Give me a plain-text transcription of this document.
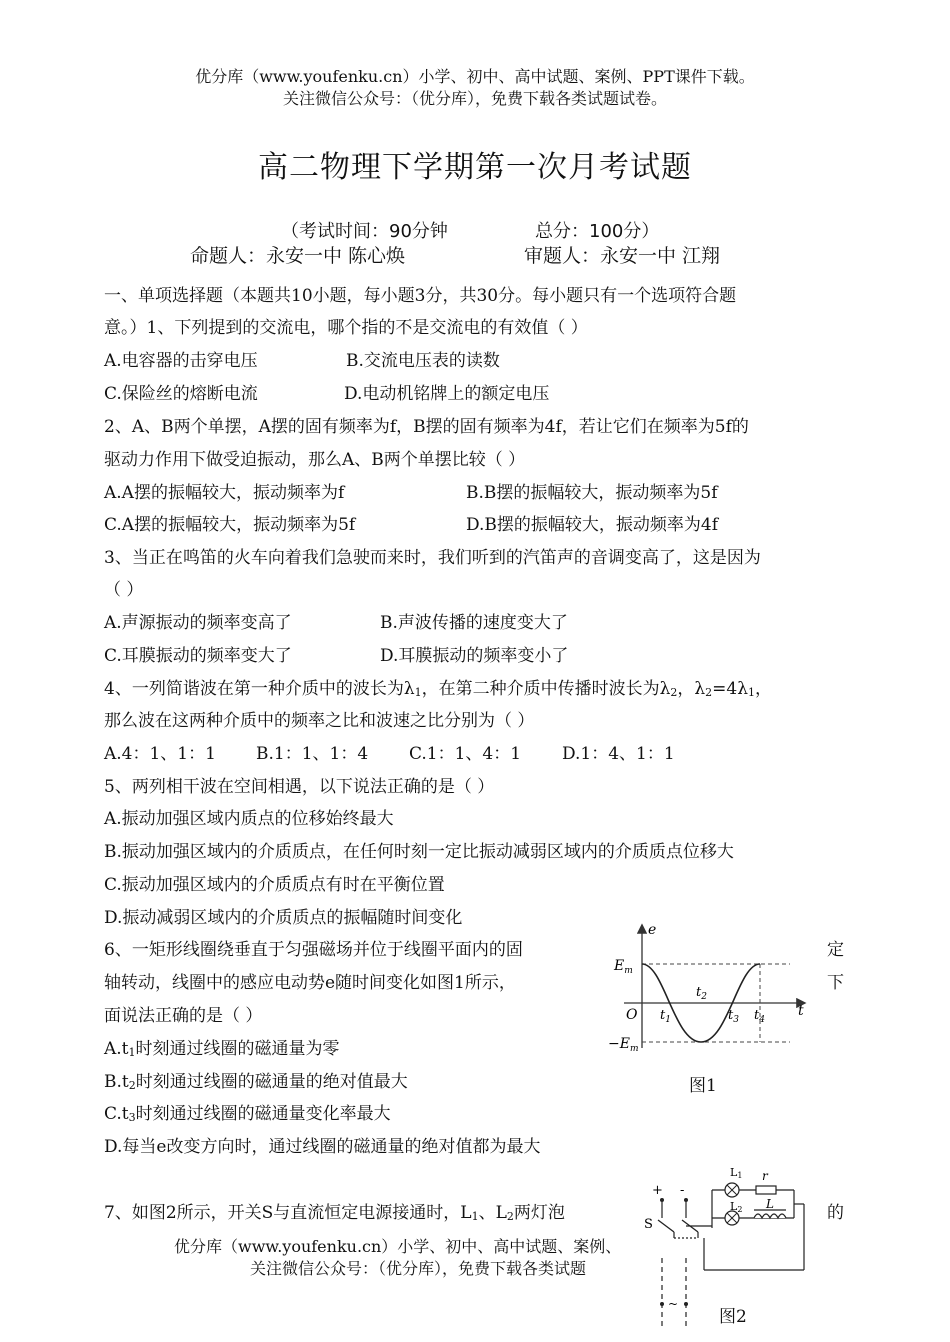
优分库（www.youfenku.cn）小学、初中、高中试题、案例、PPT课件下载。
关注微信公众号：（优分库），免费下载各类试题试卷。
高二物理下学期第一次月考试题
（考试时间：90分钟	总分：100分）
命题人：永安一中 陈心焕	审题人：永安一中 江翔
一、单项选择题（本题共10小题，每小题3分，共30分。每小题只有一个选项符合题
意。）1、下列提到的交流电，哪个指的不是交流电的有效值（ ）
A.电容器的击穿电压	B.交流电压表的读数
C.保险丝的熔断电流	D.电动机铭牌上的额定电压
2、A、B两个单摆，A摆的固有频率为f，B摆的固有频率为4f，若让它们在频率为5f的
驱动力作用下做受迫振动，那么A、B两个单摆比较（ ）
A.A摆的振幅较大，振动频率为f	B.B摆的振幅较大，振动频率为5f
C.A摆的振幅较大，振动频率为5f	D.B摆的振幅较大，振动频率为4f
3、当正在鸣笛的火车向着我们急驶而来时，我们听到的汽笛声的音调变高了，这是因为
（ ）
A.声源振动的频率变高了	B.声波传播的速度变大了
C.耳膜振动的频率变大了	D.耳膜振动的频率变小了
4、一列简谐波在第一种介质中的波长为$\lambda_1$，在第二种介质中传播时波长为$\lambda_2$，$\lambda_2=4\lambda_1$，
那么波在这两种介质中的频率之比和波速之比分别为（ ）
A.4：1、1：1 B.1：1、1：4 C.1：1、4：1 D.1：4、1：1
5、两列相干波在空间相遇，以下说法正确的是（ ）
A.振动加强区域内质点的位移始终最大
B.振动加强区域内的介质质点，在任何时刻一定比振动减弱区域内的介质质点位移大
C.振动加强区域内的介质质点有时在平衡位置
D.振动减弱区域内的介质质点的振幅随时间变化
6、一矩形线圈绕垂直于匀强磁场并位于线圈平面内的固	定
轴转动，线圈中的感应电动势e随时间变化如图1所示，	下
面说法正确的是（ ）
$A.t_1$时刻通过线圈的磁通量为零
$B.t_2$时刻通过线圈的磁通量的绝对值最大
$C.t_3$时刻通过线圈的磁通量变化率最大
D.每当e改变方向时，通过线圈的磁通量的绝对值都为最大
e
t
$E_m$
$-E_m$
O $t_1$
$t_2$
$t_3$ $t_4$
图1
7、如图2所示，开关S与直流恒定电源接通时，$L_1$、$L_2$两灯泡	的
优分库（www.youfenku.cn）小学、初中、高中试题、案例、
关注微信公众号：（优分库），免费下载各类试题
+ -
S
~
L1 r
L2 L
图2
